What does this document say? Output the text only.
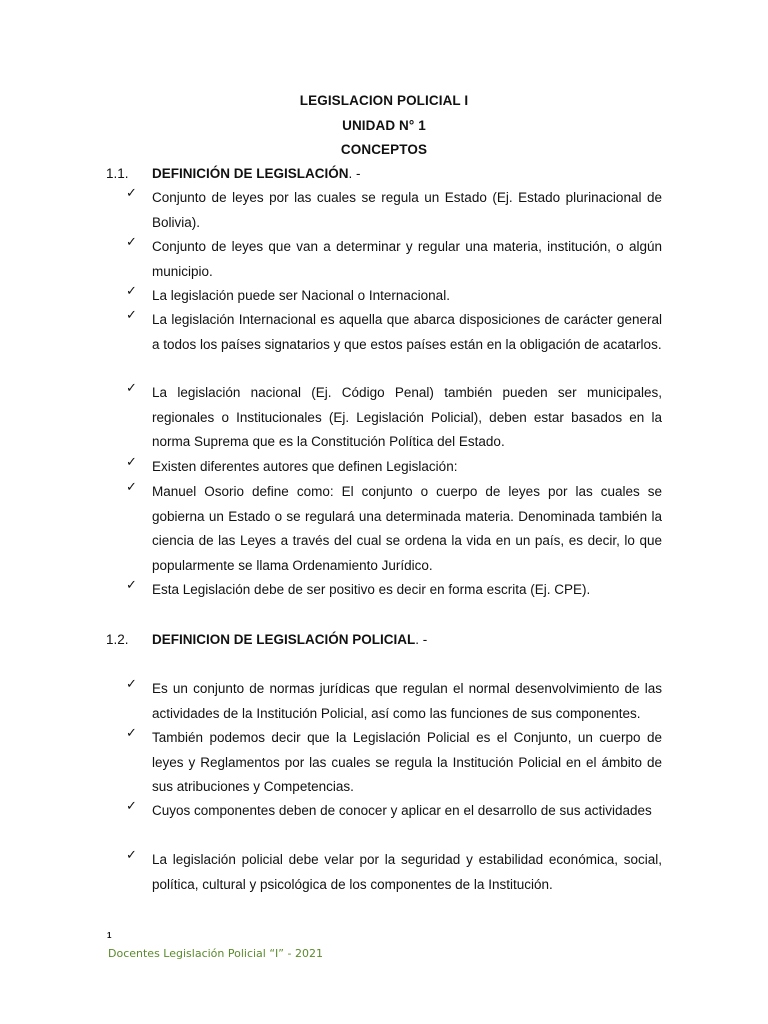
LEGISLACION POLICIAL I
UNIDAD N° 1
CONCEPTOS
1.1. DEFINICIÓN DE LEGISLACIÓN. -
✓ Conjunto de leyes por las cuales se regula un Estado (Ej. Estado plurinacional de Bolivia).
✓ Conjunto de leyes que van a determinar y regular una materia, institución, o algún municipio.
✓ La legislación puede ser Nacional o Internacional.
✓ La legislación Internacional es aquella que abarca disposiciones de carácter general a todos los países signatarios y que estos países están en la obligación de acatarlos.
✓ La legislación nacional (Ej. Código Penal) también pueden ser municipales, regionales o Institucionales (Ej. Legislación Policial), deben estar basados en la norma Suprema que es la Constitución Política del Estado.
✓ Existen diferentes autores que definen Legislación:
✓ Manuel Osorio define como: El conjunto o cuerpo de leyes por las cuales se gobierna un Estado o se regulará una determinada materia. Denominada también la ciencia de las Leyes a través del cual se ordena la vida en un país, es decir, lo que popularmente se llama Ordenamiento Jurídico.
✓ Esta Legislación debe de ser positivo es decir en forma escrita (Ej. CPE).
1.2. DEFINICION DE LEGISLACIÓN POLICIAL. -
✓ Es un conjunto de normas jurídicas que regulan el normal desenvolvimiento de las actividades de la Institución Policial, así como las funciones de sus componentes.
✓ También podemos decir que la Legislación Policial es el Conjunto, un cuerpo de leyes y Reglamentos por las cuales se regula la Institución Policial en el ámbito de sus atribuciones y Competencias.
✓ Cuyos componentes deben de conocer y aplicar en el desarrollo de sus actividades
✓ La legislación policial debe velar por la seguridad y estabilidad económica, social, política, cultural y psicológica de los componentes de la Institución.
1
Docentes Legislación Policial “I” - 2021
